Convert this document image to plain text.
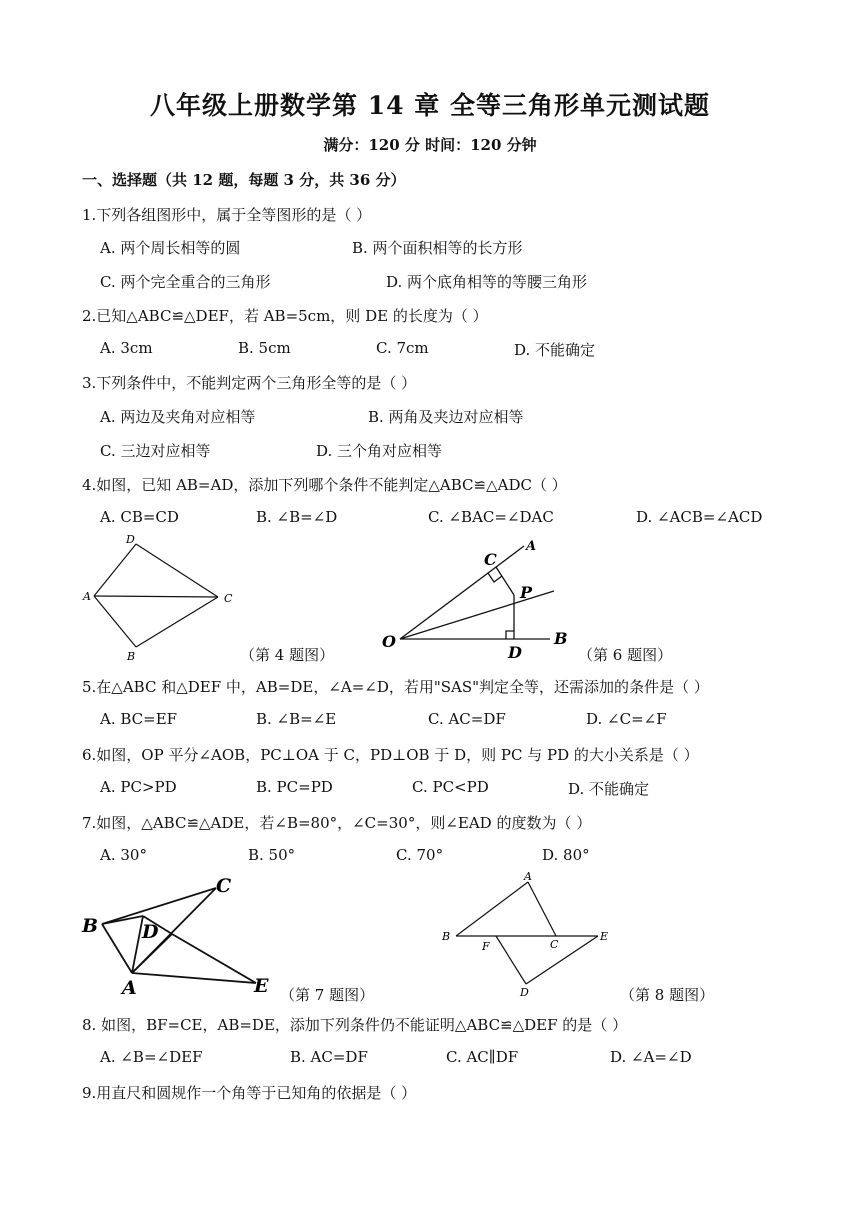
八年级上册数学第 14 章 全等三角形单元测试题
满分：120 分 时间：120 分钟
一、选择题（共 12 题，每题 3 分，共 36 分）
1.下列各组图形中，属于全等图形的是（ ）
A. 两个周长相等的圆	B. 两个面积相等的长方形
C. 两个完全重合的三角形	D. 两个底角相等的等腰三角形
2.已知△ABC≌△DEF，若 AB=5cm，则 DE 的长度为（ ）
A. 3cm	B. 5cm	C. 7cm	D. 不能确定
3.下列条件中，不能判定两个三角形全等的是（ ）
A. 两边及夹角对应相等	B. 两角及夹边对应相等
C. 三边对应相等	D. 三个角对应相等
4.如图，已知 AB=AD，添加下列哪个条件不能判定△ABC≌△ADC（ ）
A. CB=CD	B. ∠B=∠D	C. ∠BAC=∠DAC	D. ∠ACB=∠ACD
D
A	C
B	（第 4 题图）
O
C
A
P
B
D	（第 6 题图）
5.在△ABC 和△DEF 中，AB=DE，∠A=∠D，若用"SAS"判定全等，还需添加的条件是（ ）
A. BC=EF	B. ∠B=∠E	C. AC=DF	D. ∠C=∠F
6.如图，OP 平分∠AOB，PC⊥OA 于 C，PD⊥OB 于 D，则 PC 与 PD 的大小关系是（ ）
A. PC>PD	B. PC=PD	C. PC<PD	D. 不能确定
7.如图，△ABC≌△ADE，若∠B=80°，∠C=30°，则∠EAD 的度数为（ ）
A. 30°	B. 50°	C. 70°	D. 80°
B
C
D
A	E （第 7 题图）
A
B
F	C
E
D	（第 8 题图）
8. 如图，BF=CE，AB=DE，添加下列条件仍不能证明△ABC≌△DEF 的是（ ）
A. ∠B=∠DEF	B. AC=DF	C. AC∥DF	D. ∠A=∠D
9.用直尺和圆规作一个角等于已知角的依据是（ ）
